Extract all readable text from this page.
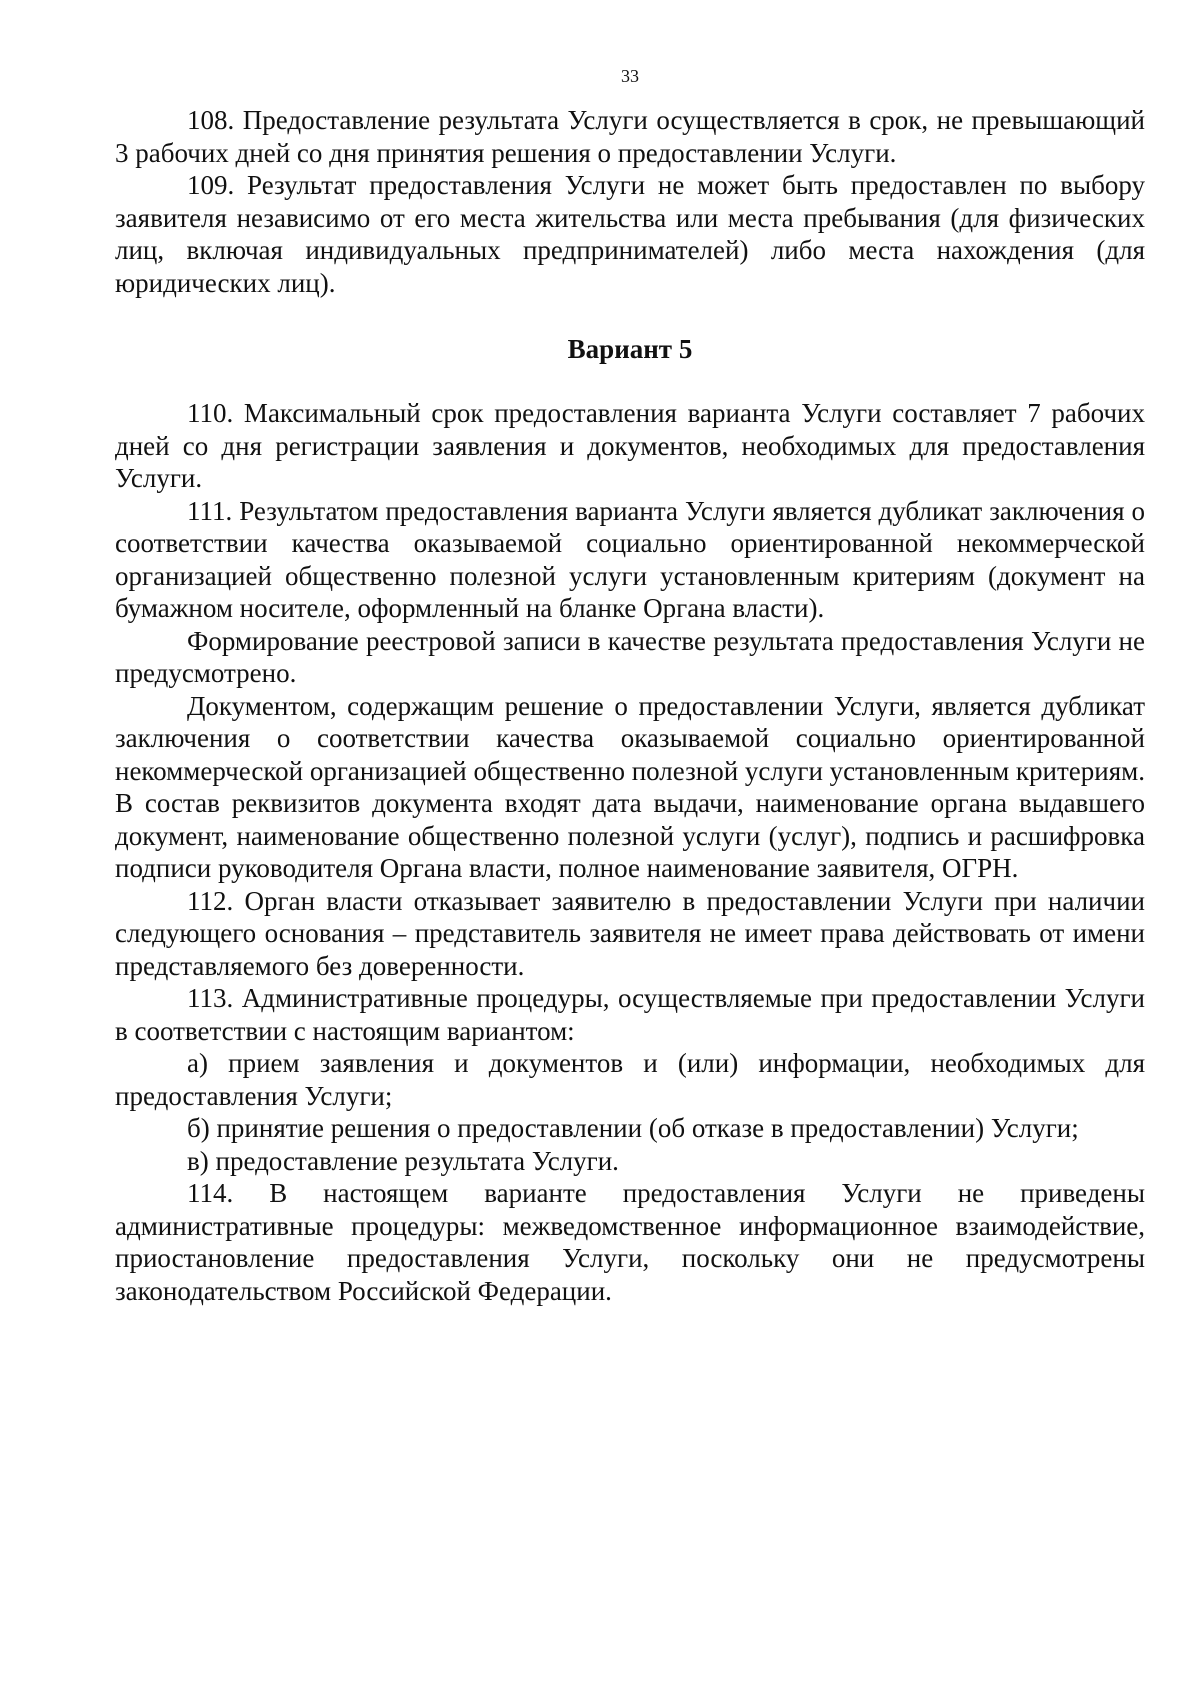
33

108. Предоставление результата Услуги осуществляется в срок, не превышающий 3 рабочих дней со дня принятия решения о предоставлении Услуги.

109. Результат предоставления Услуги не может быть предоставлен по выбору заявителя независимо от его места жительства или места пребывания (для физических лиц, включая индивидуальных предпринимателей) либо места нахождения (для юридических лиц).

Вариант 5

110. Максимальный срок предоставления варианта Услуги составляет 7 рабочих дней со дня регистрации заявления и документов, необходимых для предоставления Услуги.

111. Результатом предоставления варианта Услуги является дубликат заключения о соответствии качества оказываемой социально ориентированной некоммерческой организацией общественно полезной услуги установленным критериям (документ на бумажном носителе, оформленный на бланке Органа власти).

Формирование реестровой записи в качестве результата предоставления Услуги не предусмотрено.

Документом, содержащим решение о предоставлении Услуги, является дубликат заключения о соответствии качества оказываемой социально ориентированной некоммерческой организацией общественно полезной услуги установленным критериям. В состав реквизитов документа входят дата выдачи, наименование органа выдавшего документ, наименование общественно полезной услуги (услуг), подпись и расшифровка подписи руководителя Органа власти, полное наименование заявителя, ОГРН.

112. Орган власти отказывает заявителю в предоставлении Услуги при наличии следующего основания – представитель заявителя не имеет права действовать от имени представляемого без доверенности.

113. Административные процедуры, осуществляемые при предоставлении Услуги в соответствии с настоящим вариантом:

а) прием заявления и документов и (или) информации, необходимых для предоставления Услуги;

б) принятие решения о предоставлении (об отказе в предоставлении) Услуги;

в) предоставление результата Услуги.

114. В настоящем варианте предоставления Услуги не приведены административные процедуры: межведомственное информационное взаимодействие, приостановление предоставления Услуги, поскольку они не предусмотрены законодательством Российской Федерации.
